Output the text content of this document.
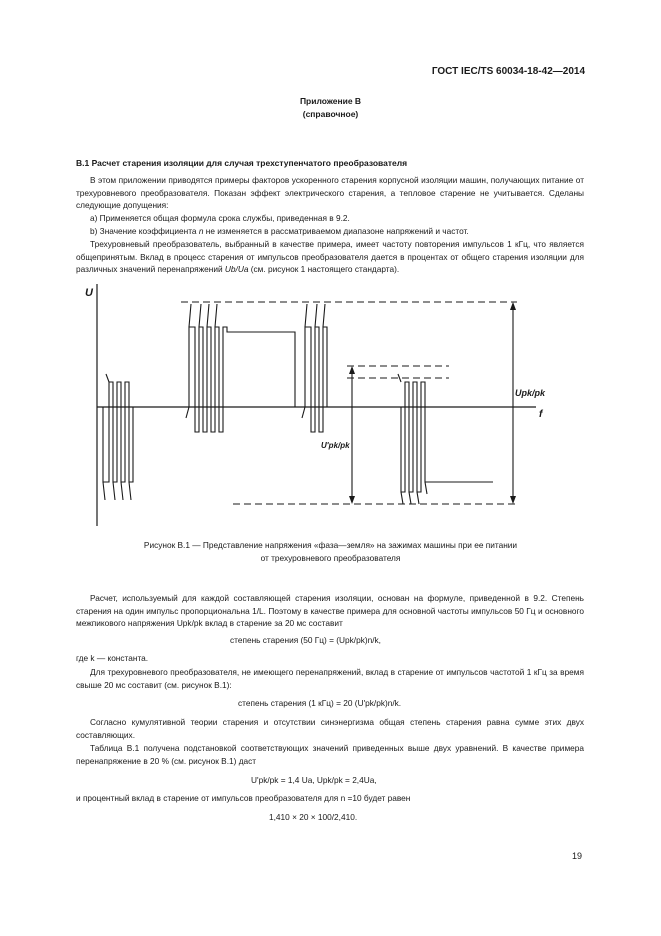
ГОСТ IEC/TS 60034-18-42—2014
Приложение В
(справочное)
В.1 Расчет старения изоляции для случая трехступенчатого преобразователя
В этом приложении приводятся примеры факторов ускоренного старения корпусной изоляции машин, получающих питание от трехуровневого преобразователя. Показан эффект электрического старения, а тепловое старение не учитывается. Сделаны следующие допущения:
a) Применяется общая формула срока службы, приведенная в 9.2.
b) Значение коэффициента n не изменяется в рассматриваемом диапазоне напряжений и частот.
Трехуровневый преобразователь, выбранный в качестве примера, имеет частоту повторения импульсов 1 кГц, что является общепринятым. Вклад в процесс старения от импульсов преобразователя дается в процентах от общего старения изоляции для различных значений перенапряжений Ub/Ua (см. рисунок 1 настоящего стандарта).
U
f
Upk/pk
U'pk/pk
Рисунок В.1 — Представление напряжения «фаза—земля» на зажимах машины при ее питании
от трехуровневого преобразователя
Расчет, используемый для каждой составляющей старения изоляции, основан на формуле, приведенной в 9.2. Степень старения на один импульс пропорциональна 1/L. Поэтому в качестве примера для основной частоты импульсов 50 Гц и основного межпикового напряжения Upk/pk вклад в старение за 20 мс составит
степень старения (50 Гц) = (Upk/pk)n/k,
где k — константа.
Для трехуровневого преобразователя, не имеющего перенапряжений, вклад в старение от импульсов частотой 1 кГц за время свыше 20 мс составит (см. рисунок В.1):
степень старения (1 кГц) = 20 (U'pk/pk)n/k.
Согласно кумулятивной теории старения и отсутствии синэнергизма общая степень старения равна сумме этих двух составляющих.
Таблица В.1 получена подстановкой соответствующих значений приведенных выше двух уравнений. В качестве примера перенапряжение в 20 % (см. рисунок В.1) даст
U'pk/pk = 1,4 Ua, Upk/pk = 2,4Ua,
и процентный вклад в старение от импульсов преобразователя для n =10 будет равен
1,410 × 20 × 100/2,410.
19
